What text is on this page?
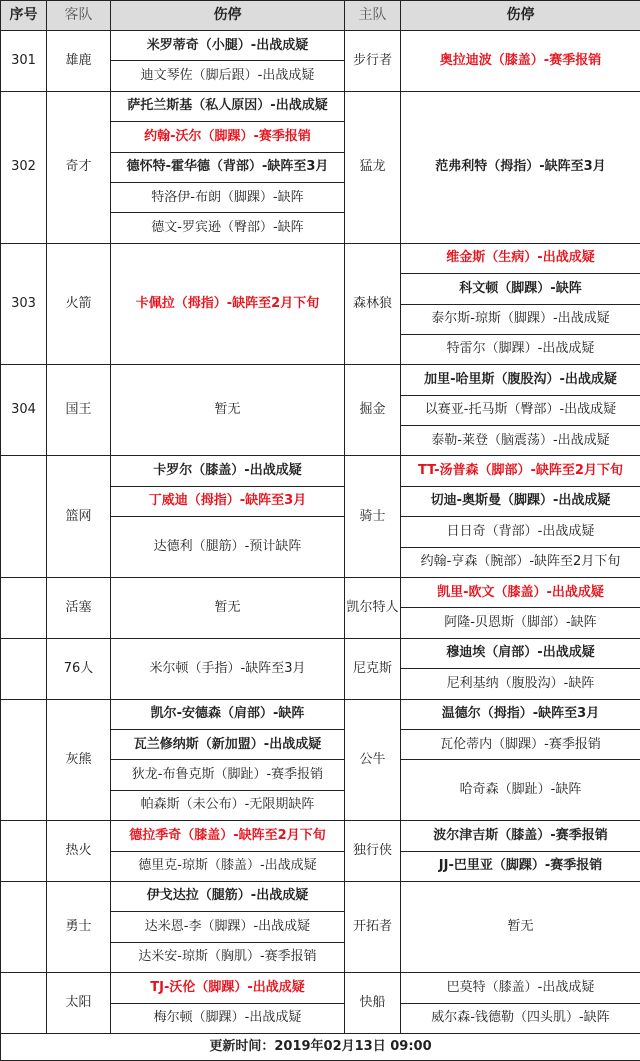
序号	客队	伤停	主队	伤停
301	雄鹿	米罗蒂奇（小腿）-出战成疑	步行者	奥拉迪波（膝盖）-赛季报销
		迪文琴佐（脚后跟）-出战成疑		
302	奇才	萨托兰斯基（私人原因）-出战成疑	猛龙	范弗利特（拇指）-缺阵至3月
		约翰-沃尔（脚踝）-赛季报销		
		德怀特-霍华德（背部）-缺阵至3月		
		特洛伊-布朗（脚踝）-缺阵		
		德文-罗宾逊（臀部）-缺阵		
303	火箭	卡佩拉（拇指）-缺阵至2月下旬	森林狼	维金斯（生病）-出战成疑
				科文顿（脚踝）-缺阵
				泰尔斯-琼斯（脚踝）-出战成疑
				特雷尔（脚踝）-出战成疑
304	国王	暂无	掘金	加里-哈里斯（腹股沟）-出战成疑
				以赛亚-托马斯（臀部）-出战成疑
				泰勒-莱登（脑震荡）-出战成疑
	篮网	卡罗尔（膝盖）-出战成疑	骑士	TT-汤普森（脚部）-缺阵至2月下旬
		丁威迪（拇指）-缺阵至3月		切迪-奥斯曼（脚踝）-出战成疑
		达德利（腿筋）-预计缺阵		日日奇（背部）-出战成疑
				约翰-亨森（腕部）-缺阵至2月下旬
	活塞	暂无	凯尔特人	凯里-欧文（膝盖）-出战成疑
				阿隆-贝恩斯（脚部）-缺阵
	76人	米尔顿（手指）-缺阵至3月	尼克斯	穆迪埃（肩部）-出战成疑
				尼利基纳（腹股沟）-缺阵
	灰熊	凯尔-安德森（肩部）-缺阵	公牛	温德尔（拇指）-缺阵至3月
		瓦兰修纳斯（新加盟）-出战成疑		瓦伦蒂内（脚踝）-赛季报销
		狄龙-布鲁克斯（脚趾）-赛季报销		哈奇森（脚趾）-缺阵
		帕森斯（未公布）-无限期缺阵		
	热火	德拉季奇（膝盖）-缺阵至2月下旬	独行侠	波尔津吉斯（膝盖）-赛季报销
		德里克-琼斯（膝盖）-出战成疑		JJ-巴里亚（脚踝）-赛季报销
	勇士	伊戈达拉（腿筋）-出战成疑	开拓者	暂无
		达米恩-李（脚踝）-出战成疑		
		达米安-琼斯（胸肌）-赛季报销		
	太阳	TJ-沃伦（脚踝）-出战成疑	快船	巴莫特（膝盖）-出战成疑
		梅尔顿（脚踝）-出战成疑		威尔森-钱德勒（四头肌）-缺阵
更新时间：2019年02月13日 09:00				
